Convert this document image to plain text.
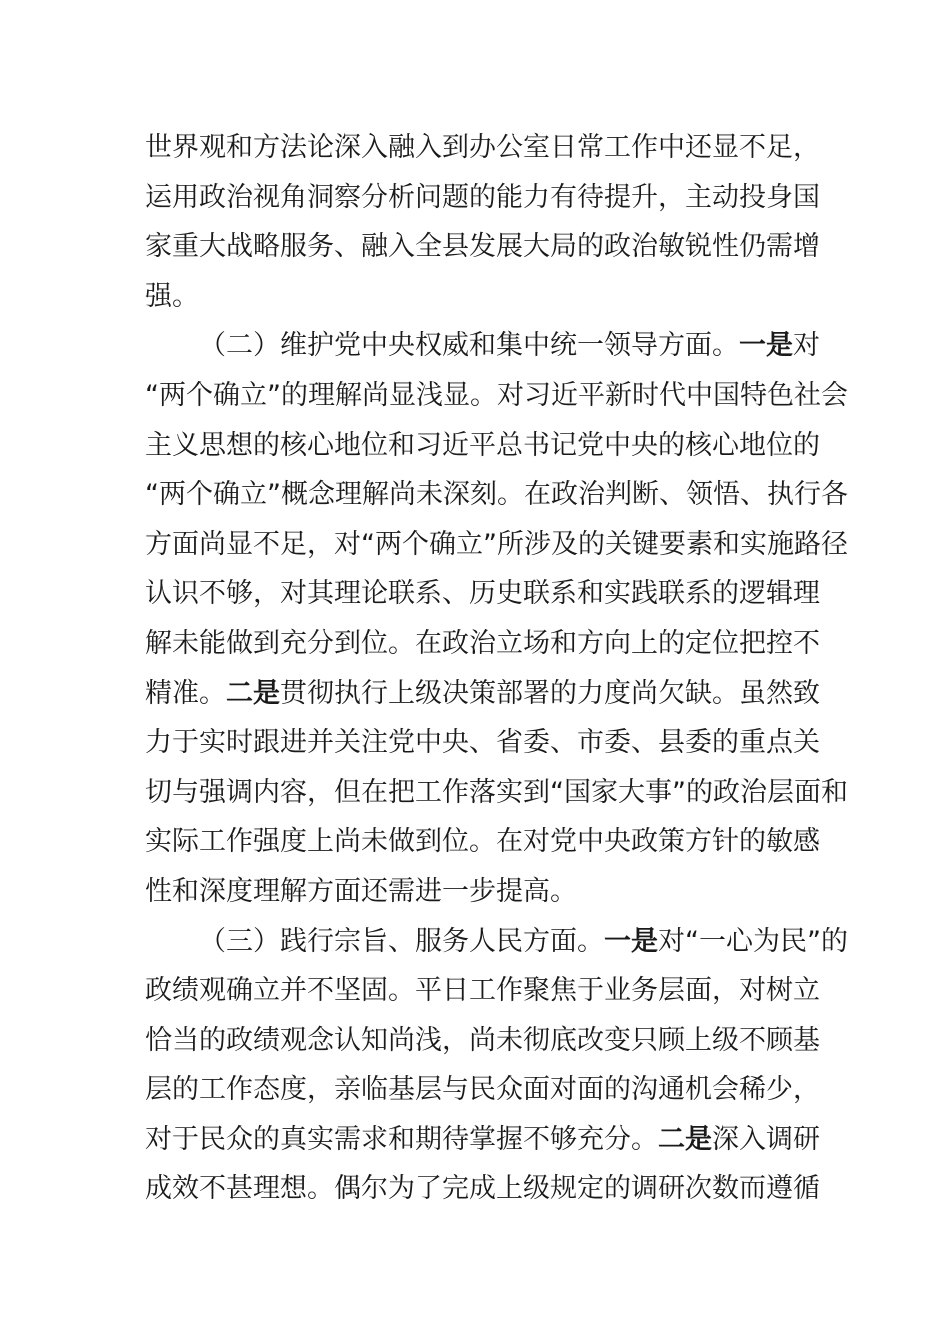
世界观和方法论深入融入到办公室日常工作中还显不足，
运用政治视角洞察分析问题的能力有待提升，主动投身国
家重大战略服务、融入全县发展大局的政治敏锐性仍需增
强。
（二）维护党中央权威和集中统一领导方面。一是对
“两个确立”的理解尚显浅显。对习近平新时代中国特色社会
主义思想的核心地位和习近平总书记党中央的核心地位的
“两个确立”概念理解尚未深刻。在政治判断、领悟、执行各
方面尚显不足，对“两个确立”所涉及的关键要素和实施路径
认识不够，对其理论联系、历史联系和实践联系的逻辑理
解未能做到充分到位。在政治立场和方向上的定位把控不
精准。二是贯彻执行上级决策部署的力度尚欠缺。虽然致
力于实时跟进并关注党中央、省委、市委、县委的重点关
切与强调内容，但在把工作落实到“国家大事”的政治层面和
实际工作强度上尚未做到位。在对党中央政策方针的敏感
性和深度理解方面还需进一步提高。
（三）践行宗旨、服务人民方面。一是对“一心为民”的
政绩观确立并不坚固。平日工作聚焦于业务层面，对树立
恰当的政绩观念认知尚浅，尚未彻底改变只顾上级不顾基
层的工作态度，亲临基层与民众面对面的沟通机会稀少，
对于民众的真实需求和期待掌握不够充分。二是深入调研
成效不甚理想。偶尔为了完成上级规定的调研次数而遵循
